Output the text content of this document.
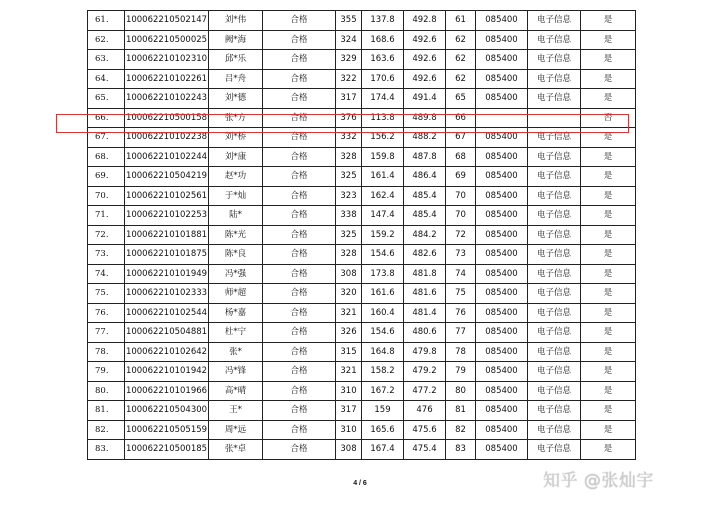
61.	100062210502147	刘*伟	合格	355	137.8	492.8	61	085400	电子信息	是
62.	100062210500025	阙*海	合格	324	168.6	492.6	62	085400	电子信息	是
63.	100062210102310	邱*乐	合格	329	163.6	492.6	62	085400	电子信息	是
64.	100062210102261	吕*舟	合格	322	170.6	492.6	62	085400	电子信息	是
65.	100062210102243	刘*德	合格	317	174.4	491.4	65	085400	电子信息	是
66.	100062210500158	张*方	合格	376	113.8	489.8	66			否
67.	100062210102238	刘*桥	合格	332	156.2	488.2	67	085400	电子信息	是
68.	100062210102244	刘*康	合格	328	159.8	487.8	68	085400	电子信息	是
69.	100062210504219	赵*功	合格	325	161.4	486.4	69	085400	电子信息	是
70.	100062210102561	于*灿	合格	323	162.4	485.4	70	085400	电子信息	是
71.	100062210102253	陆*	合格	338	147.4	485.4	70	085400	电子信息	是
72.	100062210101881	陈*光	合格	325	159.2	484.2	72	085400	电子信息	是
73.	100062210101875	陈*良	合格	328	154.6	482.6	73	085400	电子信息	是
74.	100062210101949	冯*强	合格	308	173.8	481.8	74	085400	电子信息	是
75.	100062210102333	师*超	合格	320	161.6	481.6	75	085400	电子信息	是
76.	100062210102544	杨*嘉	合格	321	160.4	481.4	76	085400	电子信息	是
77.	100062210504881	杜*宁	合格	326	154.6	480.6	77	085400	电子信息	是
78.	100062210102642	张*	合格	315	164.8	479.8	78	085400	电子信息	是
79.	100062210101942	冯*锋	合格	321	158.2	479.2	79	085400	电子信息	是
80.	100062210101966	高*晴	合格	310	167.2	477.2	80	085400	电子信息	是
81.	100062210504300	王*	合格	317	159	476	81	085400	电子信息	是
82.	100062210505159	周*远	合格	310	165.6	475.6	82	085400	电子信息	是
83.	100062210500185	张*卓	合格	308	167.4	475.4	83	085400	电子信息	是
4 / 6	知乎 @张灿宇
